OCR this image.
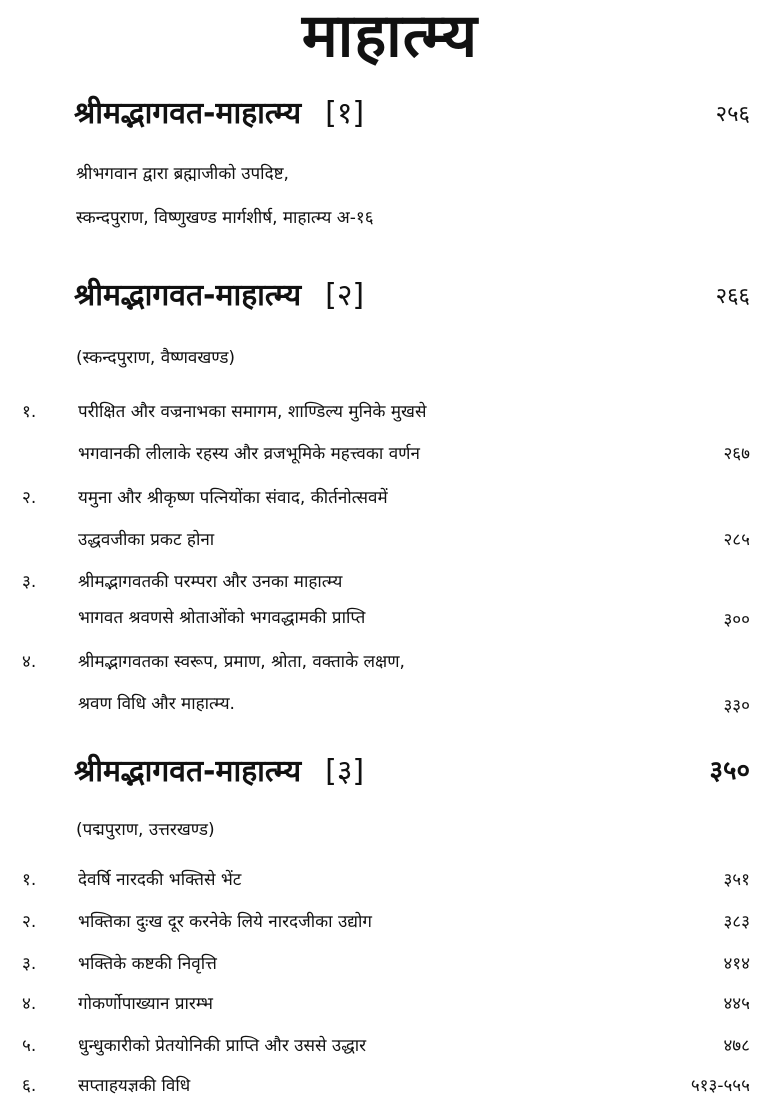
माहात्म्य
श्रीमद्भागवत-माहात्म्य [१]	२५६
श्रीभगवान द्वारा ब्रह्माजीको उपदिष्ट,
स्कन्दपुराण, विष्णुखण्ड मार्गशीर्ष, माहात्म्य अ-१६
श्रीमद्भागवत-माहात्म्य [२]	२६६
(स्कन्दपुराण, वैष्णवखण्ड)
१. परीक्षित और वज्रनाभका समागम, शाण्डिल्य मुनिके मुखसे
भगवानकी लीलाके रहस्य और व्रजभूमिके महत्त्वका वर्णन	२६७
२. यमुना और श्रीकृष्ण पत्नियोंका संवाद, कीर्तनोत्सवमें
उद्धवजीका प्रकट होना	२८५
३. श्रीमद्भागवतकी परम्परा और उनका माहात्म्य
भागवत श्रवणसे श्रोताओंको भगवद्धामकी प्राप्ति	३००
४. श्रीमद्भागवतका स्वरूप, प्रमाण, श्रोता, वक्ताके लक्षण,
श्रवण विधि और माहात्म्य.	३३०
श्रीमद्भागवत-माहात्म्य [३]	३५०
(पद्मपुराण, उत्तरखण्ड)
१. देवर्षि नारदकी भक्तिसे भेंट	३५१
२. भक्तिका दुःख दूर करनेके लिये नारदजीका उद्योग	३८३
३. भक्तिके कष्टकी निवृत्ति	४१४
४. गोकर्णोपाख्यान प्रारम्भ	४४५
५. धुन्धुकारीको प्रेतयोनिकी प्राप्ति और उससे उद्धार	४७८
६. सप्ताहयज्ञकी विधि	५१३-५५५
